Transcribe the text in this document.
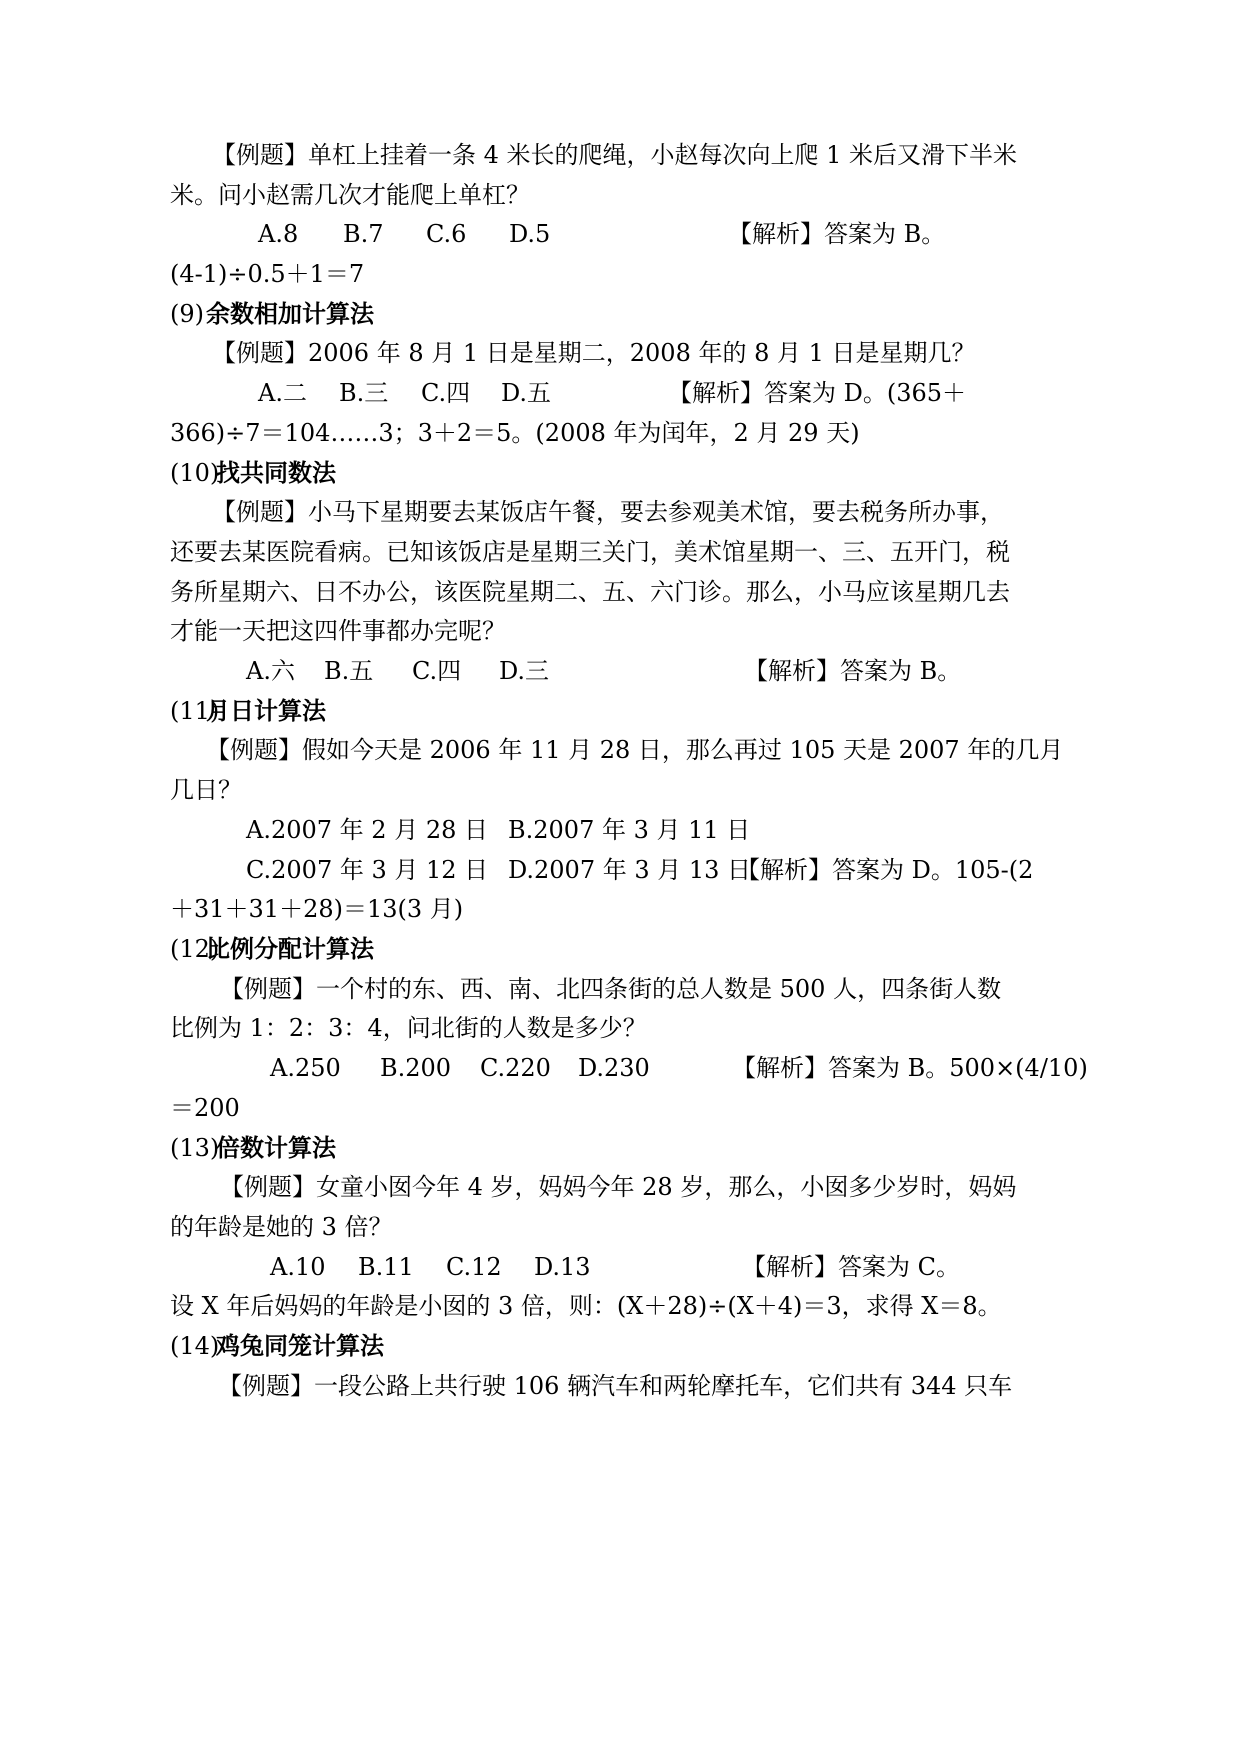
【例题】单杠上挂着一条 4 米长的爬绳，小赵每次向上爬 1 米后又滑下半米
米。问小赵需几次才能爬上单杠？
A.8 B.7 C.6 D.5	【解析】答案为 B。
(4-1)÷0.5＋1＝7
(9) 余数相加计算法
【例题】2006 年 8 月 1 日是星期二，2008 年的 8 月 1 日是星期几？
A.二 B.三 C.四 D.五	【解析】答案为 D。(365＋
366)÷7＝104……3；3＋2＝5。(2008 年为闰年，2 月 29 天)
(10)
找共同数法
【例题】小马下星期要去某饭店午餐，要去参观美术馆，要去税务所办事，
还要去某医院看病。已知该饭店是星期三关门，美术馆星期一、三、五开门，税
务所星期六、日不办公，该医院星期二、五、六门诊。那么，小马应该星期几去
才能一天把这四件事都办完呢？
A.六 B.五 C.四 D.三	【解析】答案为 B。
(11)
月日计算法
【例题】假如今天是 2006 年 11 月 28 日，那么再过 105 天是 2007 年的几月
几日？
A.2007 年 2 月 28 日 B.2007 年 3 月 11 日
C.2007 年 3 月 12 日 D.2007 年 3 月 13 日
【解析】答案为 D。105-(2
＋31＋31＋28)＝13(3 月)
(12)
比例分配计算法
【例题】一个村的东、西、南、北四条街的总人数是 500 人，四条街人数
比例为 1：2：3：4，问北街的人数是多少？
A.250 B.200 C.220 D.230	【解析】答案为 B。500×(4/10)
＝200
(13)
倍数计算法
【例题】女童小囡今年 4 岁，妈妈今年 28 岁，那么，小囡多少岁时，妈妈
的年龄是她的 3 倍？
A.10 B.11 C.12 D.13	【解析】答案为 C。
设 X 年后妈妈的年龄是小囡的 3 倍，则：(X＋28)÷(X＋4)＝3，求得 X＝8。
(14)
鸡兔同笼计算法
【例题】一段公路上共行驶 106 辆汽车和两轮摩托车，它们共有 344 只车
